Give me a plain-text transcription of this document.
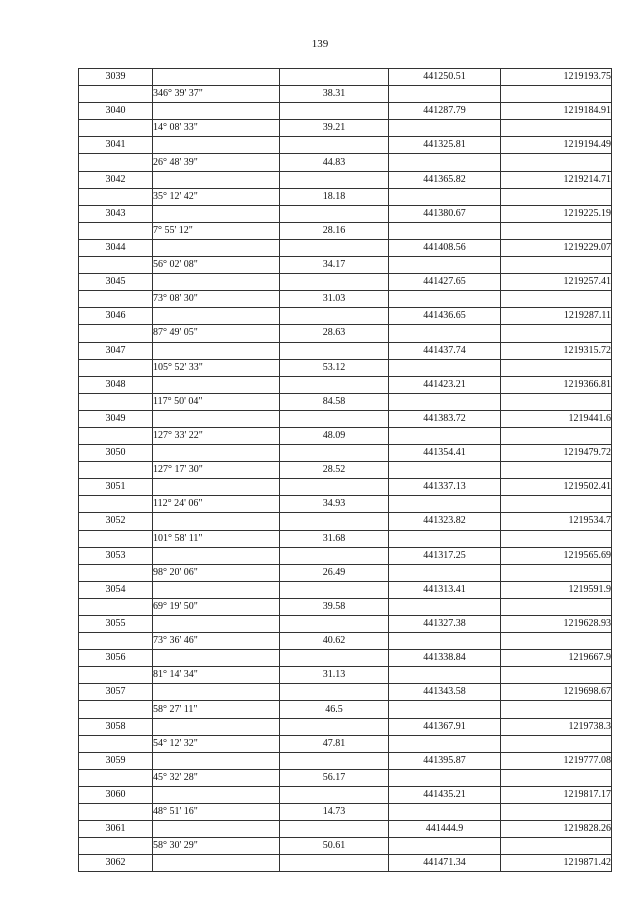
139
3039			441250.51	1219193.75
	346° 39' 37"	38.31		
3040			441287.79	1219184.91
	14° 08' 33"	39.21		
3041			441325.81	1219194.49
	26° 48' 39"	44.83		
3042			441365.82	1219214.71
	35° 12' 42"	18.18		
3043			441380.67	1219225.19
	7° 55' 12"	28.16		
3044			441408.56	1219229.07
	56° 02' 08"	34.17		
3045			441427.65	1219257.41
	73° 08' 30"	31.03		
3046			441436.65	1219287.11
	87° 49' 05"	28.63		
3047			441437.74	1219315.72
	105° 52' 33"	53.12		
3048			441423.21	1219366.81
	117° 50' 04"	84.58		
3049			441383.72	1219441.6
	127° 33' 22"	48.09		
3050			441354.41	1219479.72
	127° 17' 30"	28.52		
3051			441337.13	1219502.41
	112° 24' 06"	34.93		
3052			441323.82	1219534.7
	101° 58' 11"	31.68		
3053			441317.25	1219565.69
	98° 20' 06"	26.49		
3054			441313.41	1219591.9
	69° 19' 50"	39.58		
3055			441327.38	1219628.93
	73° 36' 46"	40.62		
3056			441338.84	1219667.9
	81° 14' 34"	31.13		
3057			441343.58	1219698.67
	58° 27' 11"	46.5		
3058			441367.91	1219738.3
	54° 12' 32"	47.81		
3059			441395.87	1219777.08
	45° 32' 28"	56.17		
3060			441435.21	1219817.17
	48° 51' 16"	14.73		
3061			441444.9	1219828.26
	58° 30' 29"	50.61		
3062			441471.34	1219871.42
